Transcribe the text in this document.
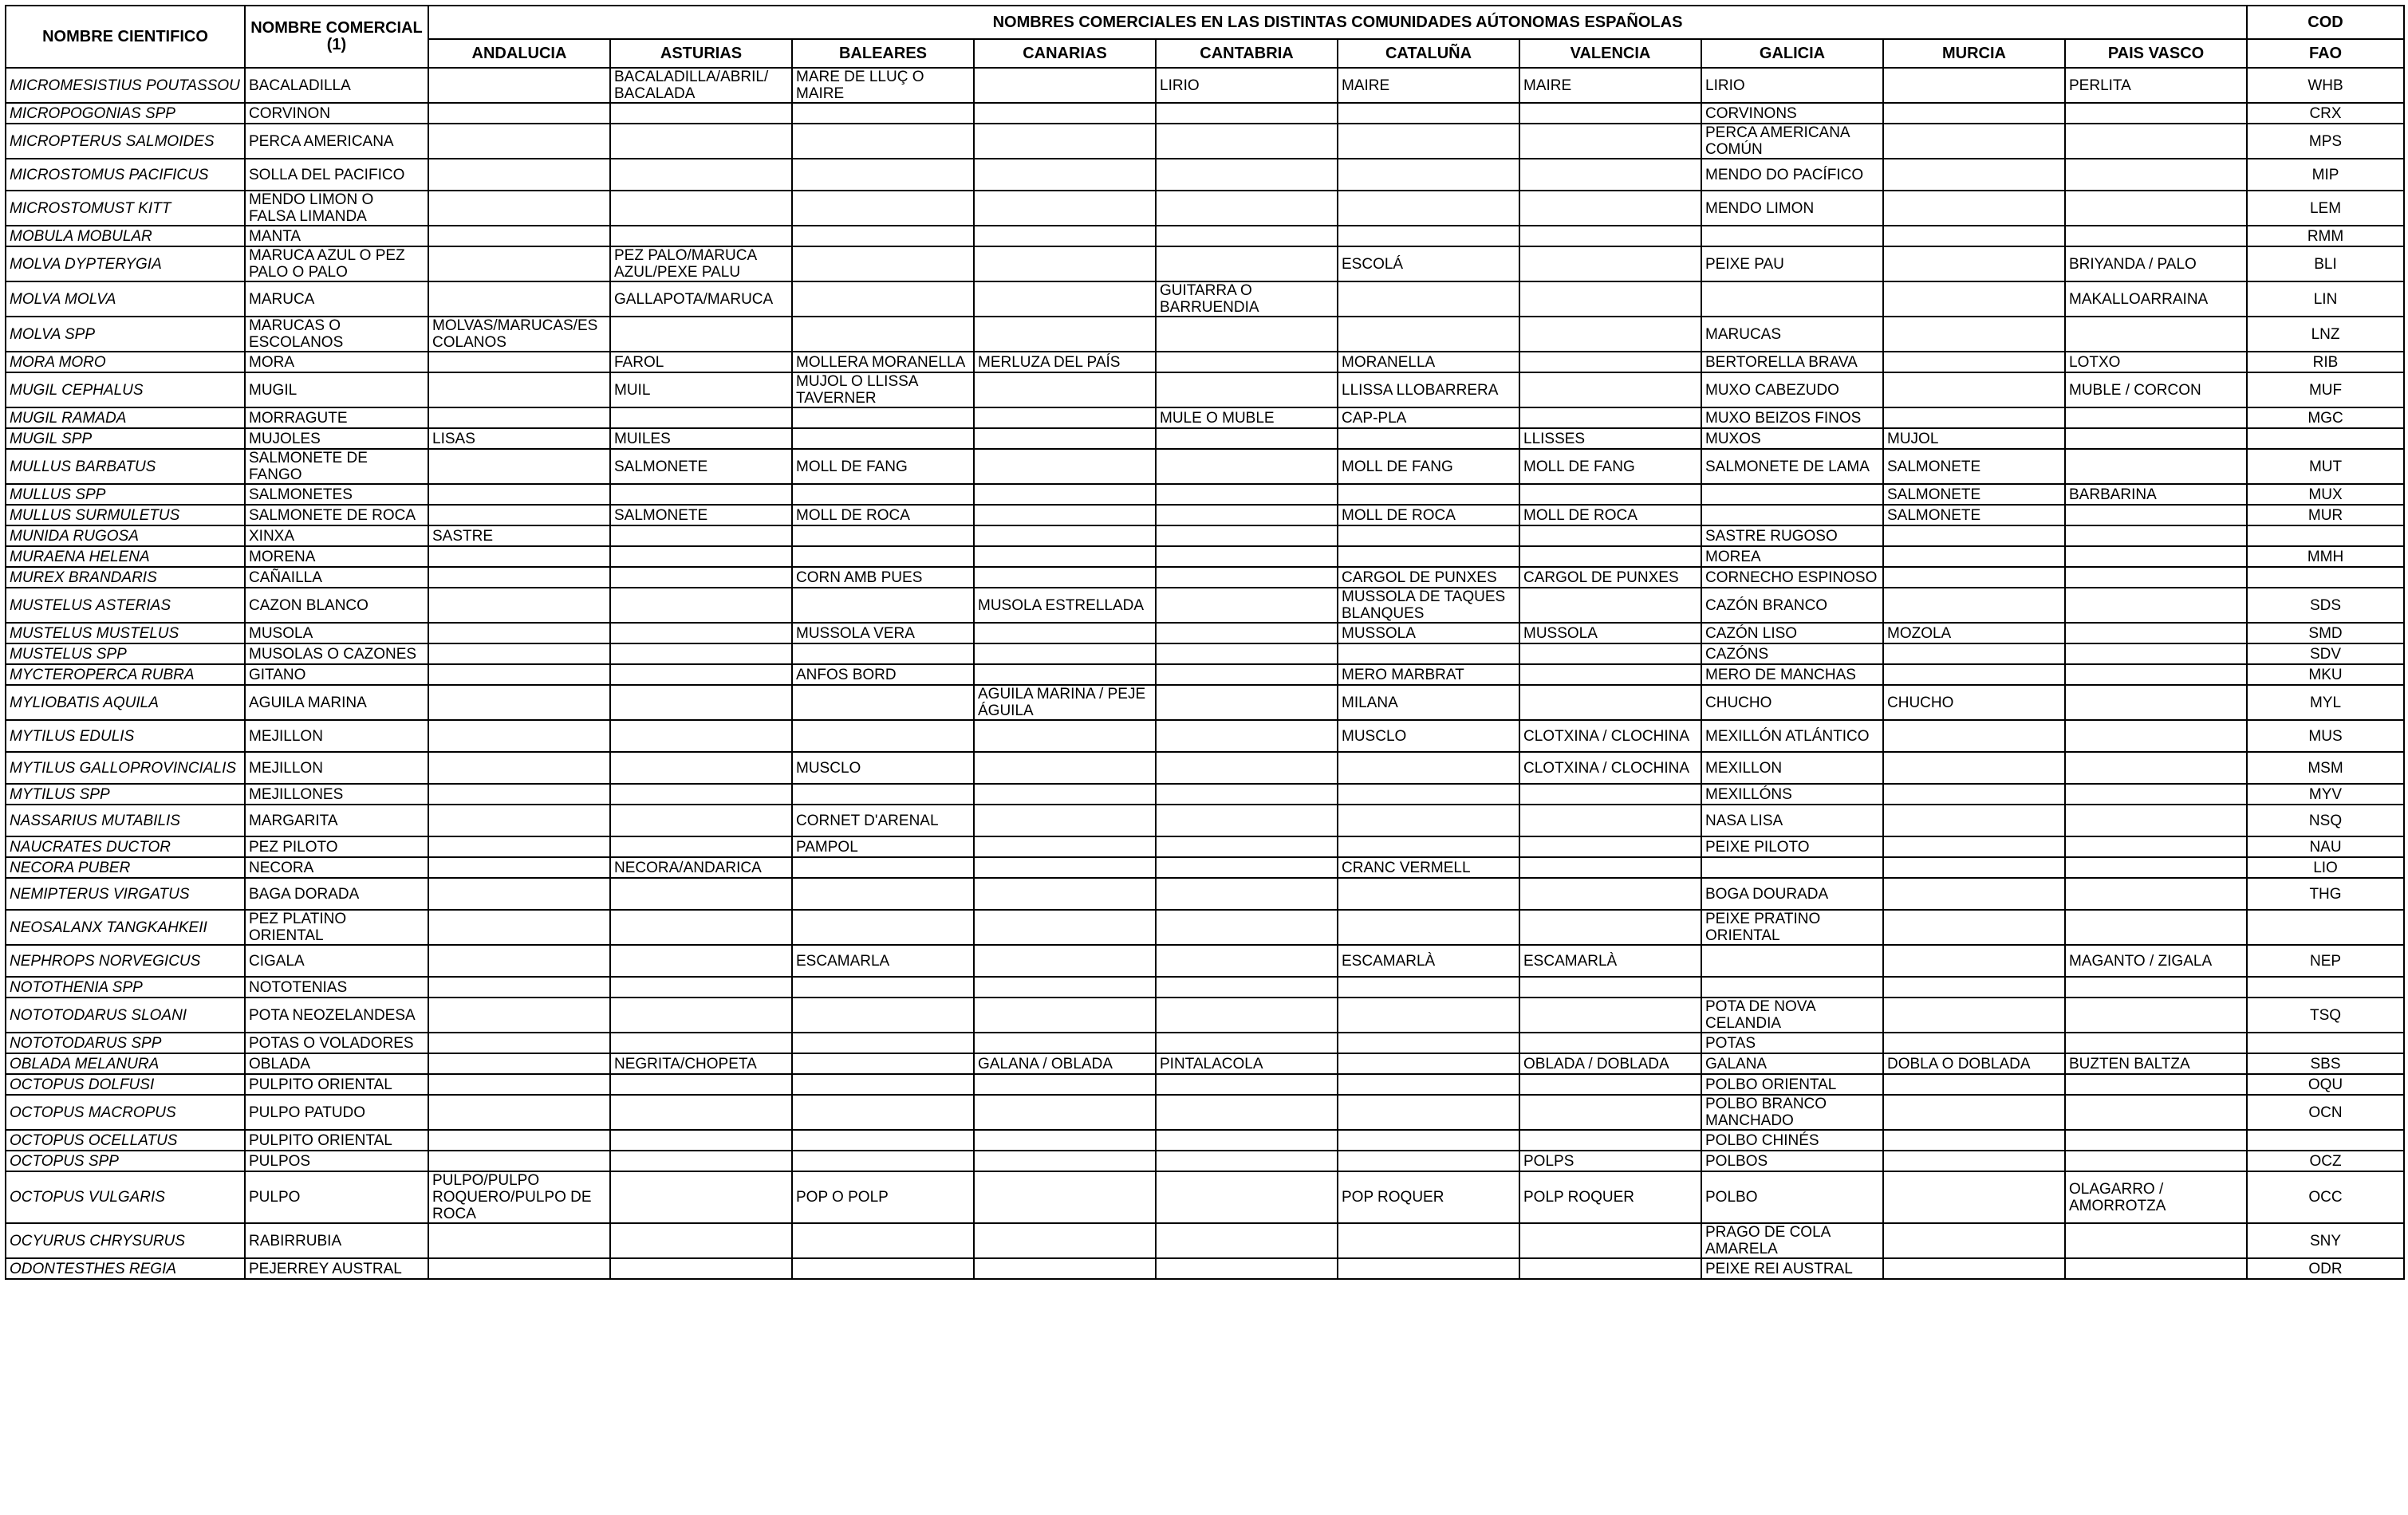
NOMBRE CIENTIFICO	NOMBRE COMERCIAL (1)	NOMBRES COMERCIALES EN LAS DISTINTAS COMUNIDADES AÚTONOMAS ESPAÑOLAS										COD
		ANDALUCIA	ASTURIAS	BALEARES	CANARIAS	CANTABRIA	CATALUÑA	VALENCIA	GALICIA	MURCIA	PAIS VASCO	FAO
MICROMESISTIUS POUTASSOU	BACALADILLA		BACALADILLA/ABRIL/ BACALADA	MARE DE LLUÇ O MAIRE		LIRIO	MAIRE	MAIRE	LIRIO		PERLITA	WHB
MICROPOGONIAS SPP	CORVINON								CORVINONS			CRX
MICROPTERUS SALMOIDES	PERCA AMERICANA								PERCA AMERICANA COMÚN			MPS
MICROSTOMUS PACIFICUS	SOLLA DEL PACIFICO								MENDO DO PACÍFICO			MIP
MICROSTOMUST KITT	MENDO LIMON O FALSA LIMANDA								MENDO LIMON			LEM
MOBULA MOBULAR	MANTA											RMM
MOLVA DYPTERYGIA	MARUCA AZUL O PEZ PALO O PALO		PEZ PALO/MARUCA AZUL/PEXE PALU				ESCOLÁ		PEIXE PAU		BRIYANDA / PALO	BLI
MOLVA MOLVA	MARUCA		GALLAPOTA/MARUCA			GUITARRA O BARRUENDIA					MAKALLOARRAINA	LIN
MOLVA SPP	MARUCAS O ESCOLANOS	MOLVAS/MARUCAS/ESCOLANOS							MARUCAS			LNZ
MORA MORO	MORA		FAROL	MOLLERA MORANELLA	MERLUZA DEL PAÍS		MORANELLA		BERTORELLA BRAVA		LOTXO	RIB
MUGIL CEPHALUS	MUGIL		MUIL	MUJOL O LLISSA TAVERNER			LLISSA LLOBARRERA		MUXO CABEZUDO		MUBLE / CORCON	MUF
MUGIL RAMADA	MORRAGUTE					MULE O MUBLE	CAP-PLA		MUXO BEIZOS FINOS			MGC
MUGIL SPP	MUJOLES	LISAS	MUILES					LLISSES	MUXOS	MUJOL		
MULLUS BARBATUS	SALMONETE DE FANGO		SALMONETE	MOLL DE FANG			MOLL DE FANG	MOLL DE FANG	SALMONETE DE LAMA	SALMONETE		MUT
MULLUS SPP	SALMONETES									SALMONETE	BARBARINA	MUX
MULLUS SURMULETUS	SALMONETE DE ROCA		SALMONETE	MOLL DE ROCA			MOLL DE ROCA	MOLL DE ROCA		SALMONETE		MUR
MUNIDA RUGOSA	XINXA	SASTRE							SASTRE RUGOSO			
MURAENA HELENA	MORENA								MOREA			MMH
MUREX BRANDARIS	CAÑAILLA			CORN AMB PUES			CARGOL DE PUNXES	CARGOL DE PUNXES	CORNECHO ESPINOSO			
MUSTELUS ASTERIAS	CAZON BLANCO				MUSOLA ESTRELLADA		MUSSOLA DE TAQUES BLANQUES		CAZÓN BRANCO			SDS
MUSTELUS MUSTELUS	MUSOLA			MUSSOLA VERA			MUSSOLA	MUSSOLA	CAZÓN LISO	MOZOLA		SMD
MUSTELUS SPP	MUSOLAS O CAZONES								CAZÓNS			SDV
MYCTEROPERCA RUBRA	GITANO			ANFOS BORD			MERO MARBRAT		MERO DE MANCHAS			MKU
MYLIOBATIS AQUILA	AGUILA MARINA				AGUILA MARINA / PEJE ÁGUILA		MILANA		CHUCHO	CHUCHO		MYL
MYTILUS EDULIS	MEJILLON						MUSCLO	CLOTXINA / CLOCHINA	MEXILLÓN ATLÁNTICO			MUS
MYTILUS GALLOPROVINCIALIS	MEJILLON			MUSCLO				CLOTXINA / CLOCHINA	MEXILLON			MSM
MYTILUS SPP	MEJILLONES								MEXILLÓNS			MYV
NASSARIUS MUTABILIS	MARGARITA			CORNET D'ARENAL					NASA LISA			NSQ
NAUCRATES DUCTOR	PEZ PILOTO			PAMPOL					PEIXE PILOTO			NAU
NECORA PUBER	NECORA		NECORA/ANDARICA				CRANC VERMELL					LIO
NEMIPTERUS VIRGATUS	BAGA DORADA								BOGA DOURADA			THG
NEOSALANX TANGKAHKEII	PEZ PLATINO ORIENTAL								PEIXE PRATINO ORIENTAL			
NEPHROPS NORVEGICUS	CIGALA			ESCAMARLA			ESCAMARLÀ	ESCAMARLÀ			MAGANTO / ZIGALA	NEP
NOTOTHENIA SPP	NOTOTENIAS											
NOTOTODARUS SLOANI	POTA NEOZELANDESA								POTA DE NOVA CELANDIA			TSQ
NOTOTODARUS SPP	POTAS O VOLADORES								POTAS			
OBLADA MELANURA	OBLADA		NEGRITA/CHOPETA		GALANA / OBLADA	PINTALACOLA		OBLADA / DOBLADA	GALANA	DOBLA O DOBLADA	BUZTEN BALTZA	SBS
OCTOPUS DOLFUSI	PULPITO ORIENTAL								POLBO ORIENTAL			OQU
OCTOPUS MACROPUS	PULPO PATUDO								POLBO BRANCO MANCHADO			OCN
OCTOPUS OCELLATUS	PULPITO ORIENTAL								POLBO CHINÉS			
OCTOPUS SPP	PULPOS							POLPS	POLBOS			OCZ
OCTOPUS VULGARIS	PULPO	PULPO/PULPO ROQUERO/PULPO DE ROCA		POP O POLP			POP ROQUER	POLP ROQUER	POLBO		OLAGARRO / AMORROTZA	OCC
OCYURUS CHRYSURUS	RABIRRUBIA								PRAGO DE COLA AMARELA			SNY
ODONTESTHES REGIA	PEJERREY AUSTRAL								PEIXE REI AUSTRAL			ODR
